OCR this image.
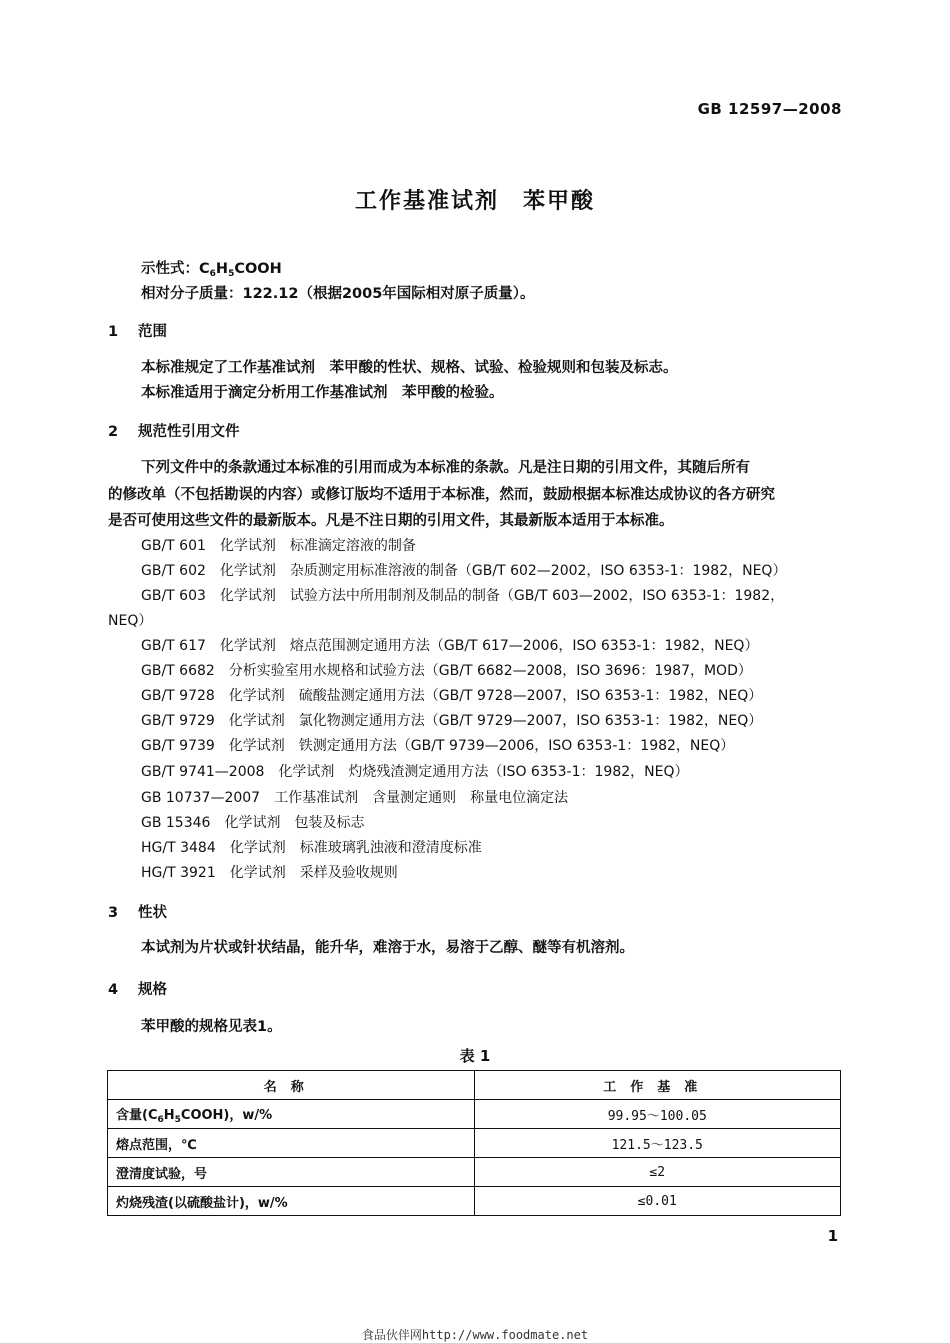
GB 12597—2008
工作基准试剂　苯甲酸
示性式：$C_6H_5COOH$
相对分子质量：122.12（根据2005年国际相对原子质量）。
1 范围
本标准规定了工作基准试剂　苯甲酸的性状、规格、试验、检验规则和包装及标志。
本标准适用于滴定分析用工作基准试剂　苯甲酸的检验。
2 规范性引用文件
下列文件中的条款通过本标准的引用而成为本标准的条款。凡是注日期的引用文件，其随后所有
的修改单（不包括勘误的内容）或修订版均不适用于本标准，然而，鼓励根据本标准达成协议的各方研究
是否可使用这些文件的最新版本。凡是不注日期的引用文件，其最新版本适用于本标准。
GB/T 601　化学试剂　标准滴定溶液的制备
GB/T 602　化学试剂　杂质测定用标准溶液的制备（GB/T 602—2002，ISO 6353-1：1982，NEQ）
GB/T 603　化学试剂　试验方法中所用制剂及制品的制备（GB/T 603—2002，ISO 6353-1：1982，
NEQ）
GB/T 617　化学试剂　熔点范围测定通用方法（GB/T 617—2006，ISO 6353-1：1982，NEQ）
GB/T 6682　分析实验室用水规格和试验方法（GB/T 6682—2008，ISO 3696：1987，MOD）
GB/T 9728　化学试剂　硫酸盐测定通用方法（GB/T 9728—2007，ISO 6353-1：1982，NEQ）
GB/T 9729　化学试剂　氯化物测定通用方法（GB/T 9729—2007，ISO 6353-1：1982，NEQ）
GB/T 9739　化学试剂　铁测定通用方法（GB/T 9739—2006，ISO 6353-1：1982，NEQ）
GB/T 9741—2008　化学试剂　灼烧残渣测定通用方法（ISO 6353-1：1982，NEQ）
GB 10737—2007　工作基准试剂　含量测定通则　称量电位滴定法
GB 15346　化学试剂　包装及标志
HG/T 3484　化学试剂　标准玻璃乳浊液和澄清度标准
HG/T 3921　化学试剂　采样及验收规则
3 性状
本试剂为片状或针状结晶，能升华，难溶于水，易溶于乙醇、醚等有机溶剂。
4 规格
苯甲酸的规格见表1。
表 1
名称	工作基准
含量$(C_6H_5COOH)$，w/%	99.95～100.05
熔点范围，℃	121.5～123.5
澄清度试验，号	≤2
灼烧残渣(以硫酸盐计)，w/%	≤0.01
1
食品伙伴网http://www.foodmate.net
